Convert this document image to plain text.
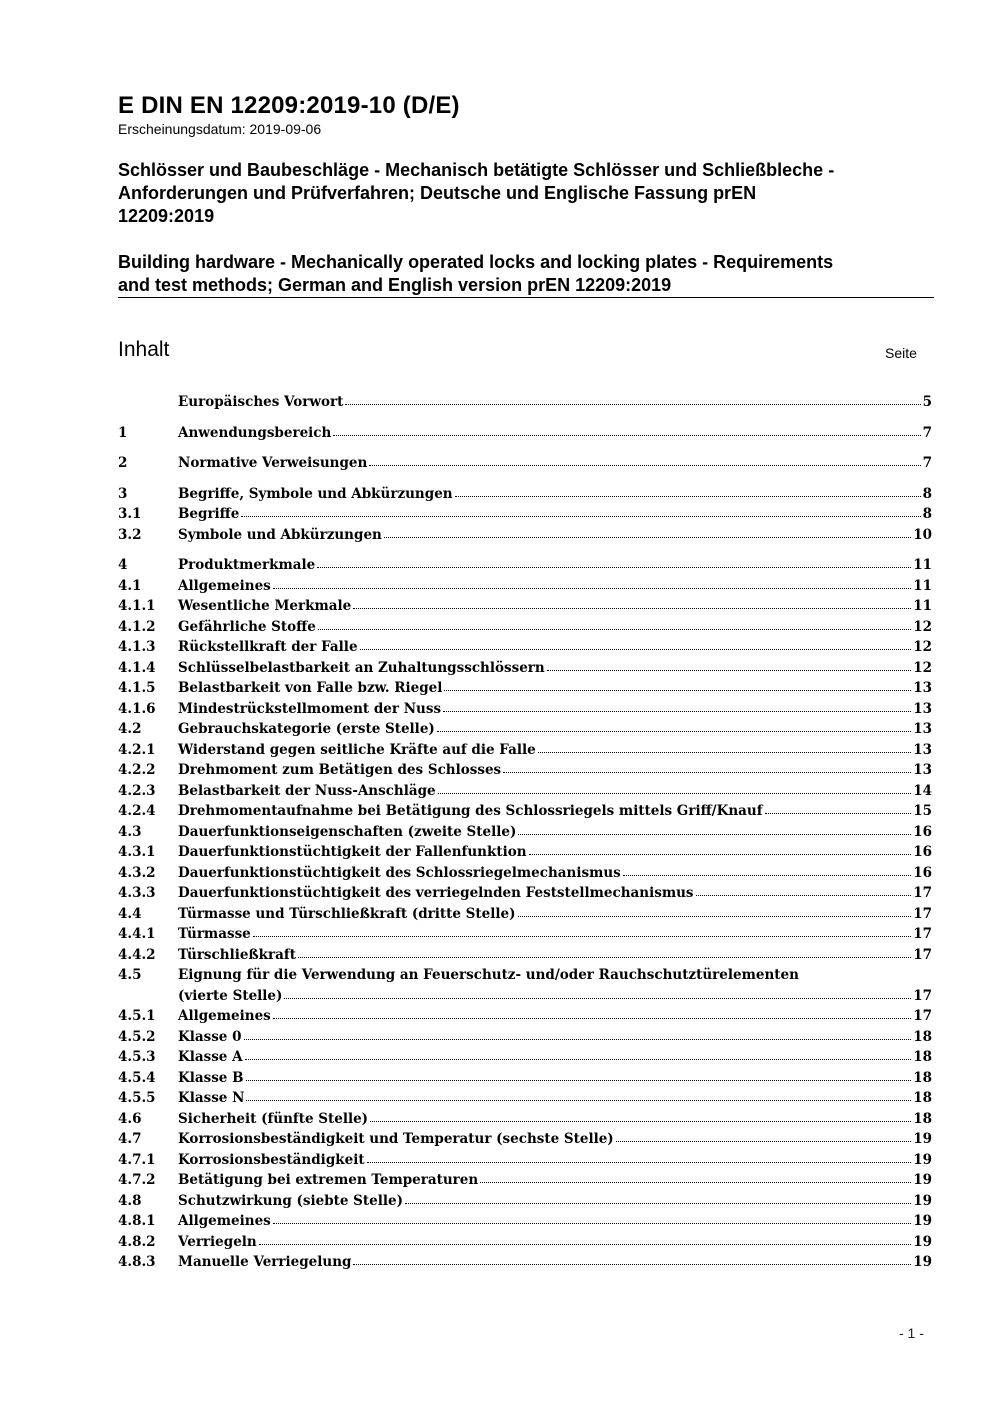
E DIN EN 12209:2019-10 (D/E)
Erscheinungsdatum: 2019-09-06
Schlösser und Baubeschläge - Mechanisch betätigte Schlösser und Schließbleche -
Anforderungen und Prüfverfahren; Deutsche und Englische Fassung prEN
12209:2019
Building hardware - Mechanically operated locks and locking plates - Requirements
and test methods; German and English version prEN 12209:2019
Inhalt	Seite
Europäisches Vorwort	5
1	Anwendungsbereich	7
2	Normative Verweisungen	7
3	Begriffe, Symbole und Abkürzungen	8
3.1	Begriffe	8
3.2	Symbole und Abkürzungen	10
4	Produktmerkmale	11
4.1	Allgemeines	11
4.1.1	Wesentliche Merkmale	11
4.1.2	Gefährliche Stoffe	12
4.1.3	Rückstellkraft der Falle	12
4.1.4	Schlüsselbelastbarkeit an Zuhaltungsschlössern	12
4.1.5	Belastbarkeit von Falle bzw. Riegel	13
4.1.6	Mindestrückstellmoment der Nuss	13
4.2	Gebrauchskategorie (erste Stelle)	13
4.2.1	Widerstand gegen seitliche Kräfte auf die Falle	13
4.2.2	Drehmoment zum Betätigen des Schlosses	13
4.2.3	Belastbarkeit der Nuss-Anschläge	14
4.2.4	Drehmomentaufnahme bei Betätigung des Schlossriegels mittels Griff/Knauf	15
4.3	Dauerfunktionseigenschaften (zweite Stelle)	16
4.3.1	Dauerfunktionstüchtigkeit der Fallenfunktion	16
4.3.2	Dauerfunktionstüchtigkeit des Schlossriegelmechanismus	16
4.3.3	Dauerfunktionstüchtigkeit des verriegelnden Feststellmechanismus	17
4.4	Türmasse und Türschließkraft (dritte Stelle)	17
4.4.1	Türmasse	17
4.4.2	Türschließkraft	17
4.5	Eignung für die Verwendung an Feuerschutz- und/oder Rauchschutztürelementen
(vierte Stelle)	17
4.5.1	Allgemeines	17
4.5.2	Klasse 0	18
4.5.3	Klasse A	18
4.5.4	Klasse B	18
4.5.5	Klasse N	18
4.6	Sicherheit (fünfte Stelle)	18
4.7	Korrosionsbeständigkeit und Temperatur (sechste Stelle)	19
4.7.1	Korrosionsbeständigkeit	19
4.7.2	Betätigung bei extremen Temperaturen	19
4.8	Schutzwirkung (siebte Stelle)	19
4.8.1	Allgemeines	19
4.8.2	Verriegeln	19
4.8.3	Manuelle Verriegelung	19
- 1 -
